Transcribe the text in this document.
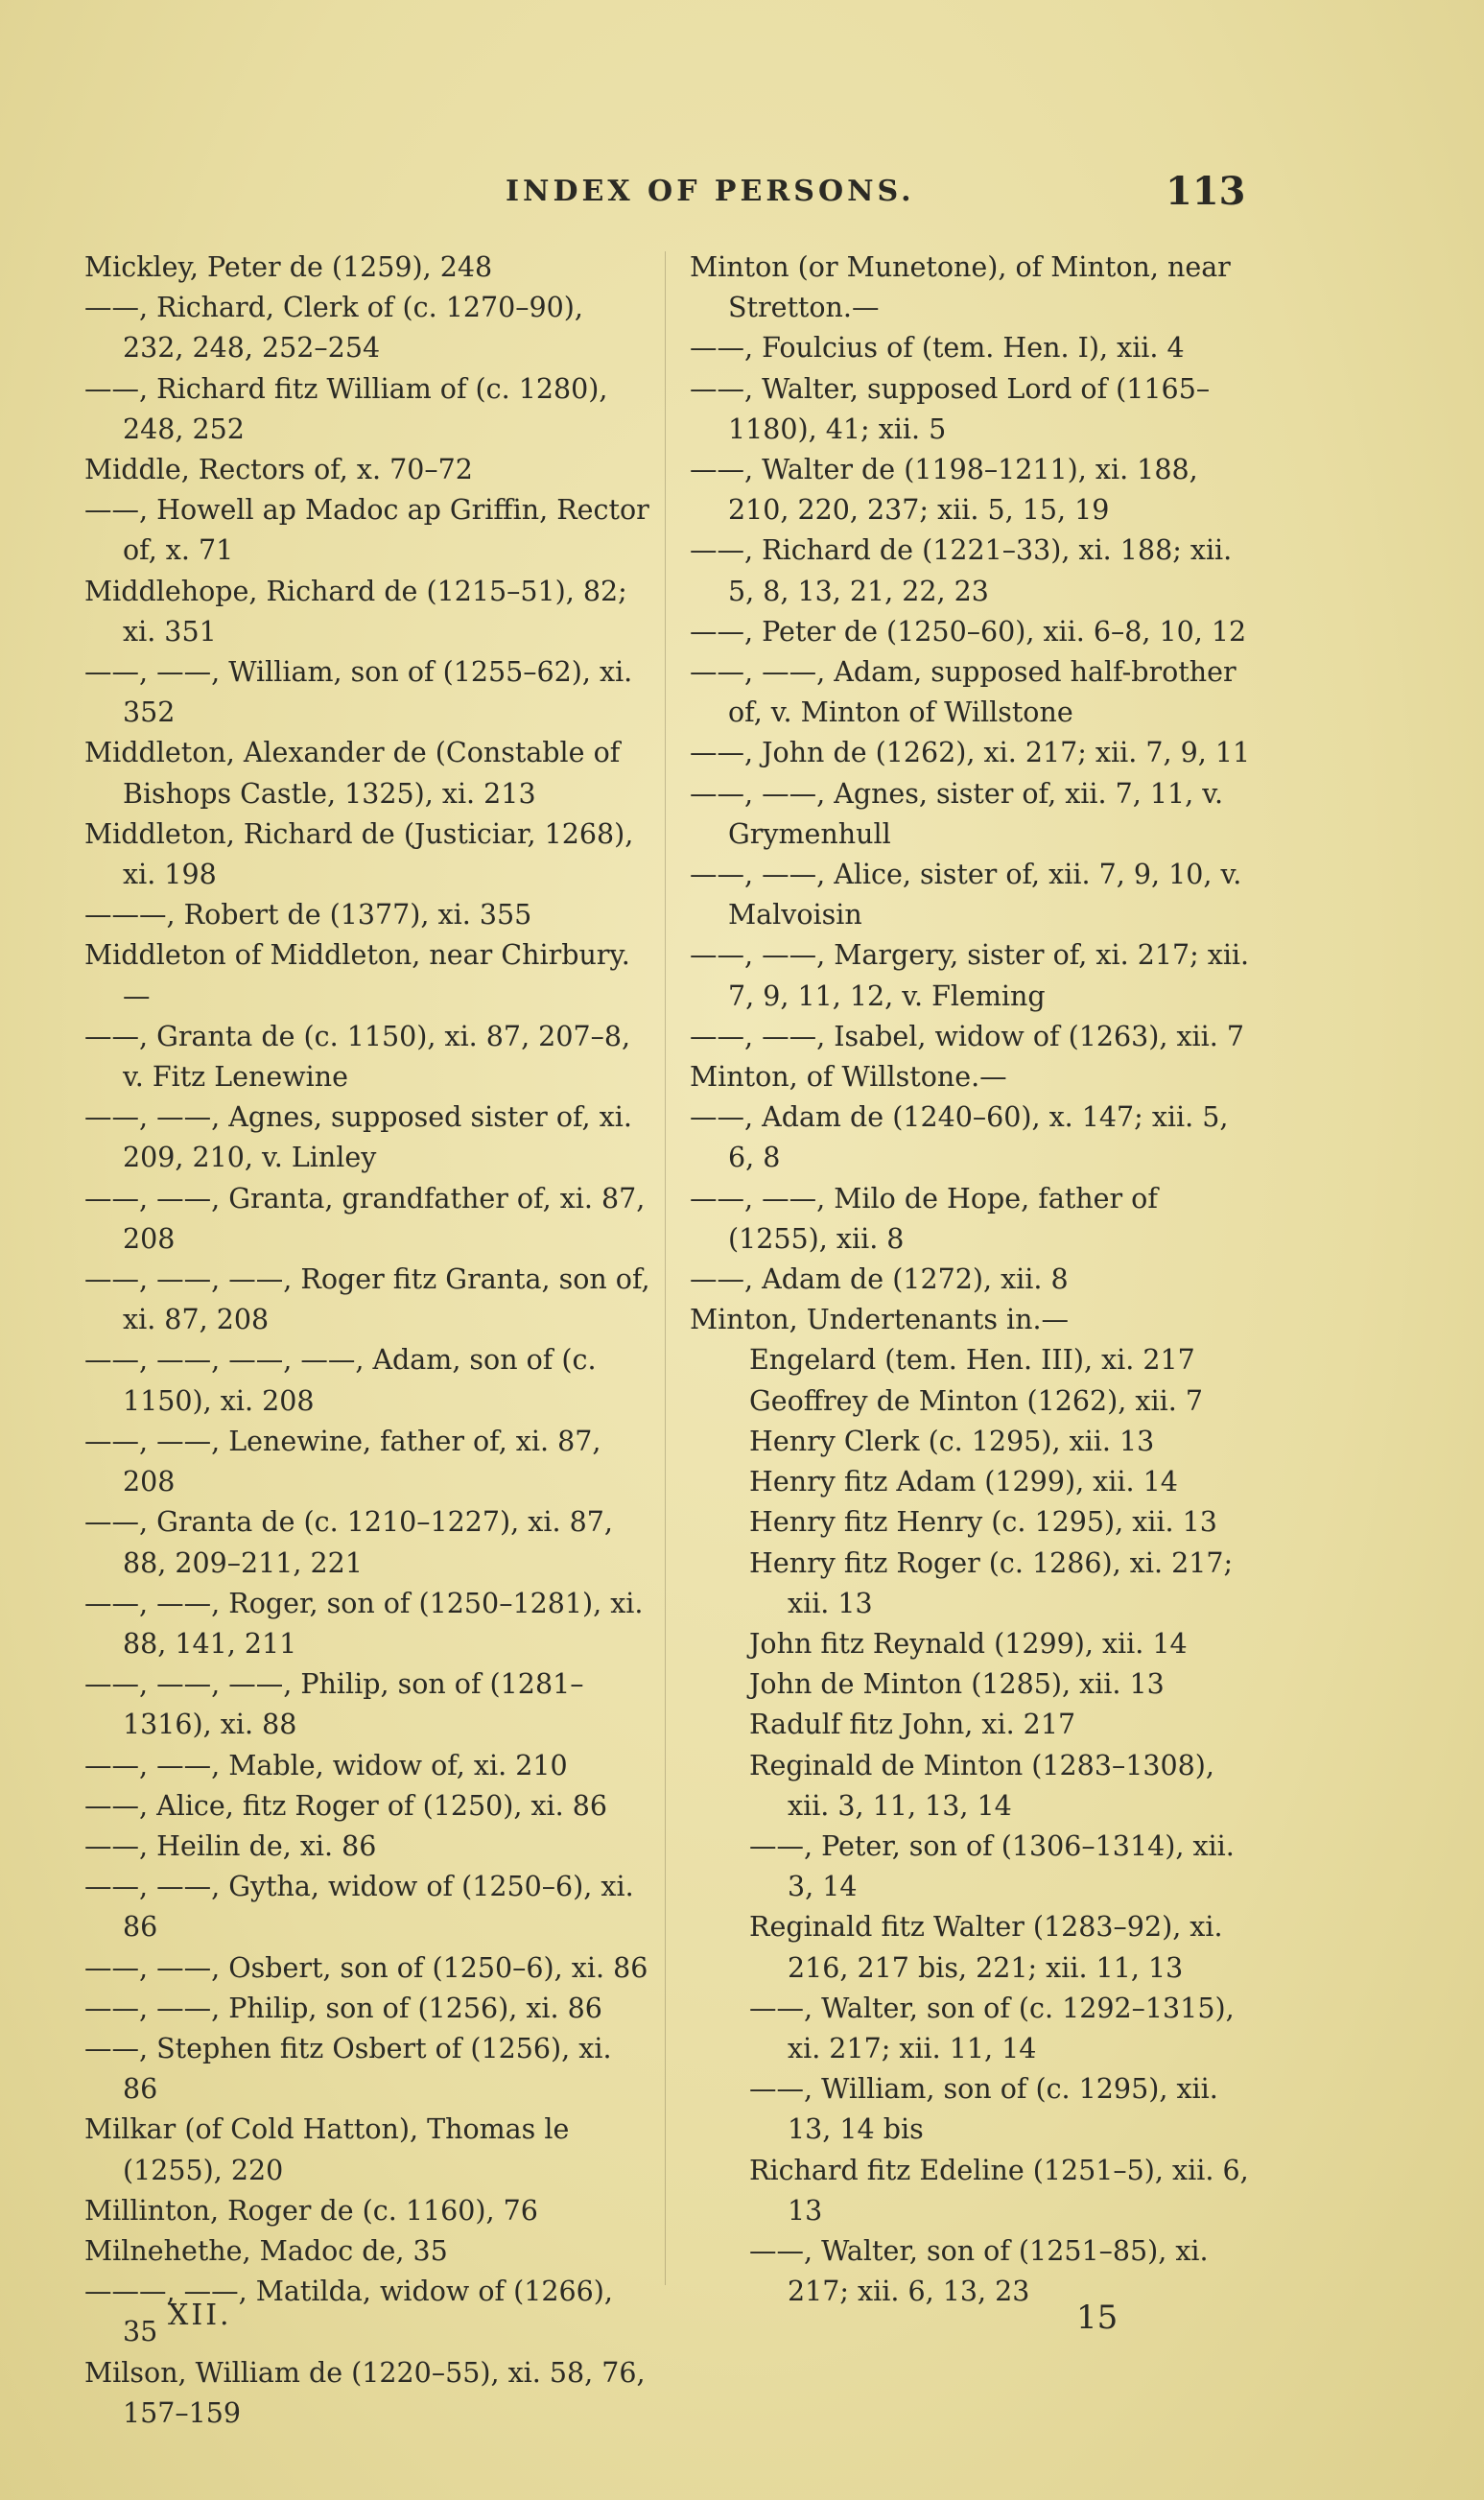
INDEX OF PERSONS.	113

Mickley, Peter de (1259), 248

——, Richard, Clerk of (c. 1270–90), 232, 248, 252–254

——, Richard fitz William of (c. 1280), 248, 252

Middle, Rectors of, x. 70–72

——, Howell ap Madoc ap Griffin, Rector of, x. 71

Middlehope, Richard de (1215–51), 82; xi. 351

——, ——, William, son of (1255–62), xi. 352

Middleton, Alexander de (Constable of Bishops Castle, 1325), xi. 213

Middleton, Richard de (Justiciar, 1268), xi. 198

———, Robert de (1377), xi. 355

Middleton of Middleton, near Chirbury.—

——, Granta de (c. 1150), xi. 87, 207–8, v. Fitz Lenewine

——, ——, Agnes, supposed sister of, xi. 209, 210, v. Linley

——, ——, Granta, grandfather of, xi. 87, 208

——, ——, ——, Roger fitz Granta, son of, xi. 87, 208

——, ——, ——, ——, Adam, son of (c. 1150), xi. 208

——, ——, Lenewine, father of, xi. 87, 208

——, Granta de (c. 1210–1227), xi. 87, 88, 209–211, 221

——, ——, Roger, son of (1250–1281), xi. 88, 141, 211

——, ——, ——, Philip, son of (1281–1316), xi. 88

——, ——, Mable, widow of, xi. 210

——, Alice, fitz Roger of (1250), xi. 86

——, Heilin de, xi. 86

——, ——, Gytha, widow of (1250–6), xi. 86

——, ——, Osbert, son of (1250–6), xi. 86

——, ——, Philip, son of (1256), xi. 86

——, Stephen fitz Osbert of (1256), xi. 86

Milkar (of Cold Hatton), Thomas le (1255), 220

Millinton, Roger de (c. 1160), 76

Milnehethe, Madoc de, 35

———, ——, Matilda, widow of (1266), 35

Milson, William de (1220–55), xi. 58, 76, 157–159

Minton (or Munetone), of Minton, near Stretton.—

——, Foulcius of (tem. Hen. I), xii. 4

——, Walter, supposed Lord of (1165–1180), 41; xii. 5

——, Walter de (1198–1211), xi. 188, 210, 220, 237; xii. 5, 15, 19

——, Richard de (1221–33), xi. 188; xii. 5, 8, 13, 21, 22, 23

——, Peter de (1250–60), xii. 6–8, 10, 12

——, ——, Adam, supposed half-brother of, v. Minton of Willstone

——, John de (1262), xi. 217; xii. 7, 9, 11

——, ——, Agnes, sister of, xii. 7, 11, v. Grymenhull

——, ——, Alice, sister of, xii. 7, 9, 10, v. Malvoisin

——, ——, Margery, sister of, xi. 217; xii. 7, 9, 11, 12, v. Fleming

——, ——, Isabel, widow of (1263), xii. 7

Minton, of Willstone.—

——, Adam de (1240–60), x. 147; xii. 5, 6, 8

——, ——, Milo de Hope, father of (1255), xii. 8

——, Adam de (1272), xii. 8

Minton, Undertenants in.—

Engelard (tem. Hen. III), xi. 217

Geoffrey de Minton (1262), xii. 7

Henry Clerk (c. 1295), xii. 13

Henry fitz Adam (1299), xii. 14

Henry fitz Henry (c. 1295), xii. 13

Henry fitz Roger (c. 1286), xi. 217; xii. 13

John fitz Reynald (1299), xii. 14

John de Minton (1285), xii. 13

Radulf fitz John, xi. 217

Reginald de Minton (1283–1308), xii. 3, 11, 13, 14

——, Peter, son of (1306–1314), xii. 3, 14

Reginald fitz Walter (1283–92), xi. 216, 217 bis, 221; xii. 11, 13

——, Walter, son of (c. 1292–1315), xi. 217; xii. 11, 14

——, William, son of (c. 1295), xii. 13, 14 bis

Richard fitz Edeline (1251–5), xii. 6, 13

——, Walter, son of (1251–85), xi. 217; xii. 6, 13, 23

XII.	15
